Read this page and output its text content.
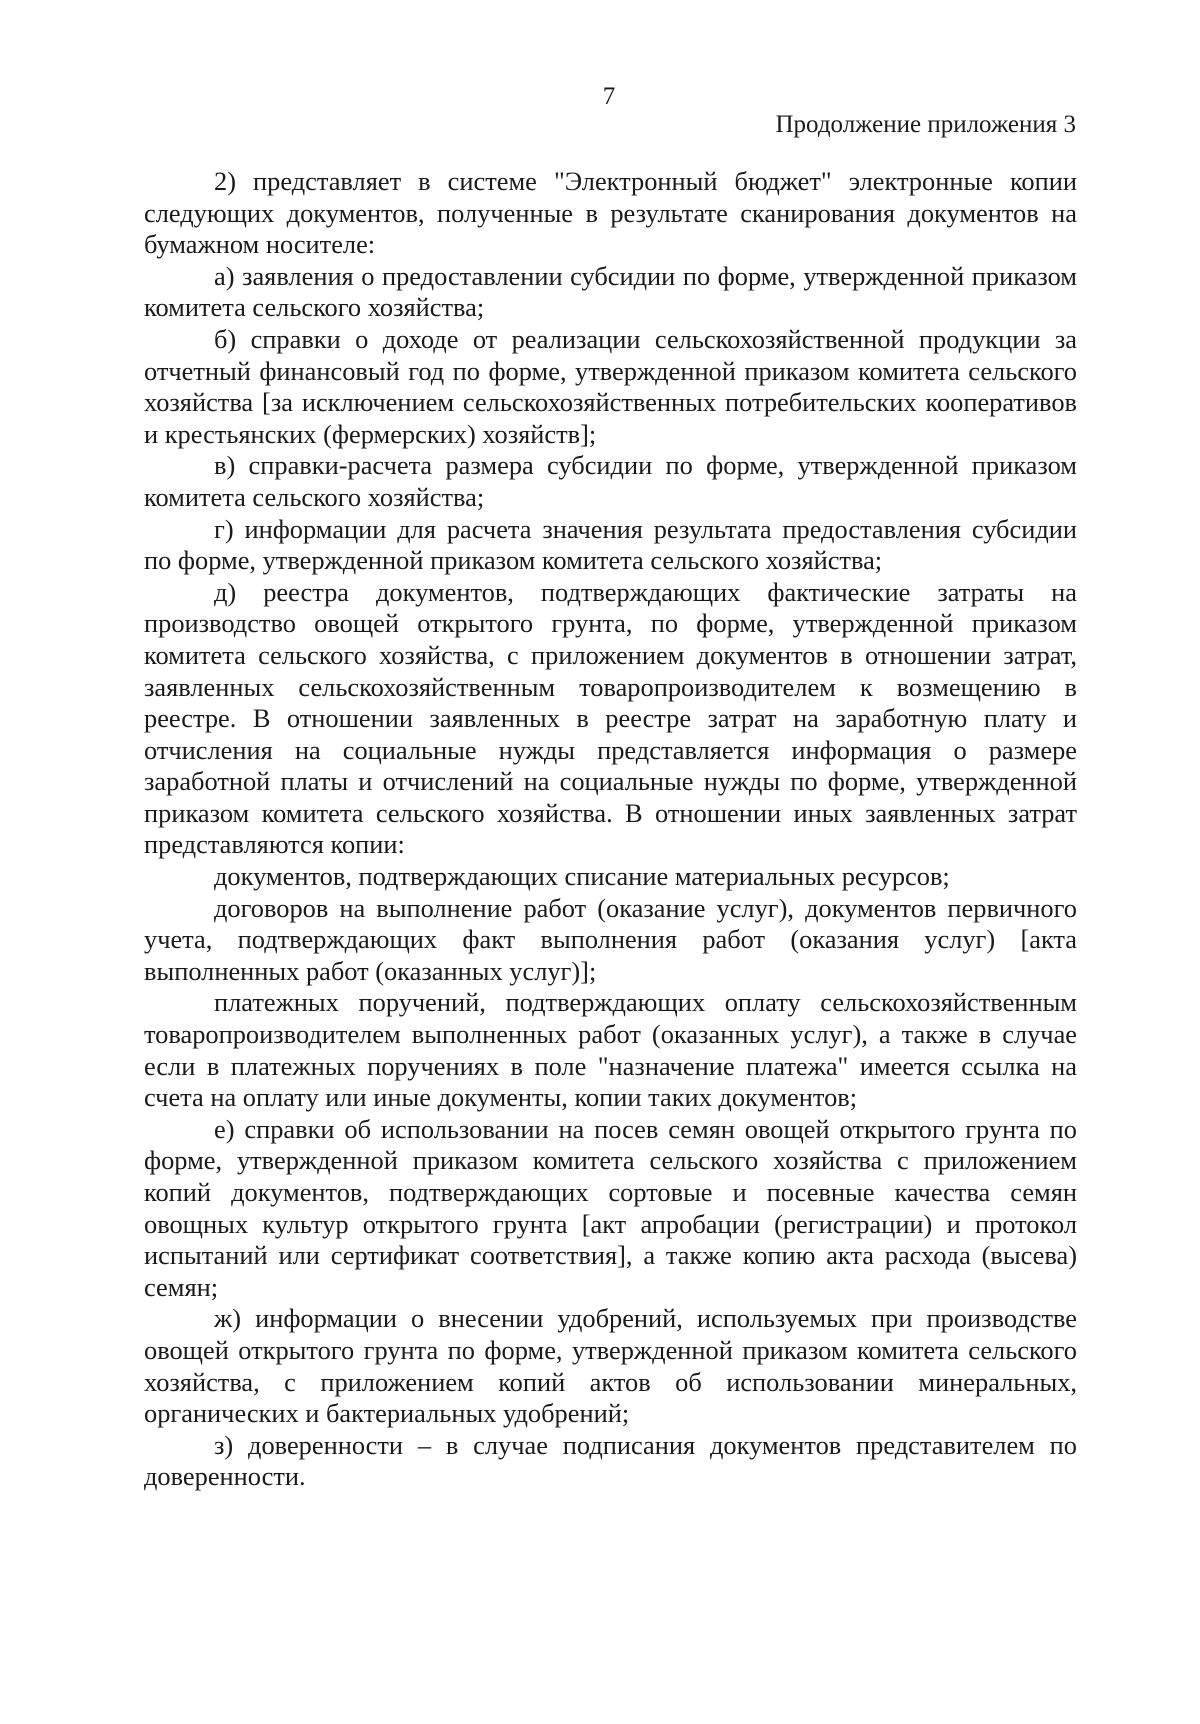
7
Продолжение приложения 3

2) представляет в системе "Электронный бюджет" электронные копии следующих документов, полученные в результате сканирования документов на бумажном носителе:

а) заявления о предоставлении субсидии по форме, утвержденной приказом комитета сельского хозяйства;

б) справки о доходе от реализации сельскохозяйственной продукции за отчетный финансовый год по форме, утвержденной приказом комитета сельского хозяйства [за исключением сельскохозяйственных потребительских кооперативов и крестьянских (фермерских) хозяйств];

в) справки-расчета размера субсидии по форме, утвержденной приказом комитета сельского хозяйства;

г) информации для расчета значения результата предоставления субсидии по форме, утвержденной приказом комитета сельского хозяйства;

д) реестра документов, подтверждающих фактические затраты на производство овощей открытого грунта, по форме, утвержденной приказом комитета сельского хозяйства, с приложением документов в отношении затрат, заявленных сельскохозяйственным товаропроизводителем к возмещению в реестре. В отношении заявленных в реестре затрат на заработную плату и отчисления на социальные нужды представляется информация о размере заработной платы и отчислений на социальные нужды по форме, утвержденной приказом комитета сельского хозяйства. В отношении иных заявленных затрат представляются копии:

документов, подтверждающих списание материальных ресурсов;

договоров на выполнение работ (оказание услуг), документов первичного учета, подтверждающих факт выполнения работ (оказания услуг) [акта выполненных работ (оказанных услуг)];

платежных поручений, подтверждающих оплату сельскохозяйственным товаропроизводителем выполненных работ (оказанных услуг), а также в случае если в платежных поручениях в поле "назначение платежа" имеется ссылка на счета на оплату или иные документы, копии таких документов;

е) справки об использовании на посев семян овощей открытого грунта по форме, утвержденной приказом комитета сельского хозяйства с приложением копий документов, подтверждающих сортовые и посевные качества семян овощных культур открытого грунта [акт апробации (регистрации) и протокол испытаний или сертификат соответствия], а также копию акта расхода (высева) семян;

ж) информации о внесении удобрений, используемых при производстве овощей открытого грунта по форме, утвержденной приказом комитета сельского хозяйства, с приложением копий актов об использовании минеральных, органических и бактериальных удобрений;

з) доверенности – в случае подписания документов представителем по доверенности.
